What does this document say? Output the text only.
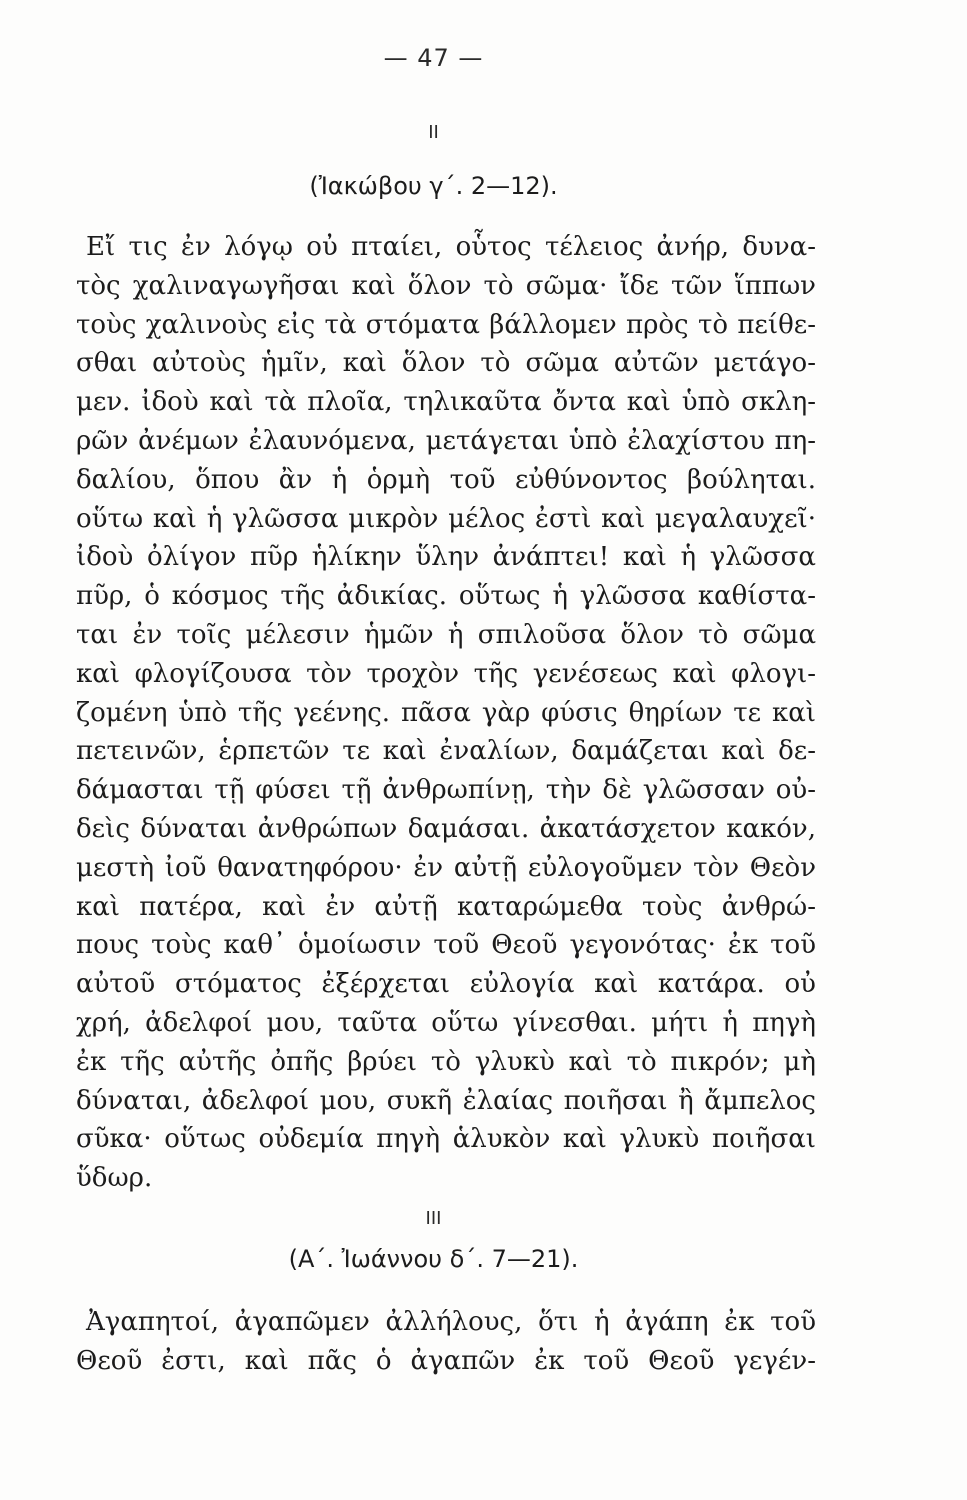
— 47 —
II
(Ἰακώβου γ΄. 2—12).
Εἴ τις ἐν λόγῳ οὐ πταίει, οὗτος τέλειος ἀνήρ, δυνα-
τὸς χαλιναγωγῆσαι καὶ ὅλον τὸ σῶμα· ἴδε τῶν ἵππων
τοὺς χαλινοὺς εἰς τὰ στόματα βάλλομεν πρὸς τὸ πείθε-
σθαι αὐτοὺς ἡμῖν, καὶ ὅλον τὸ σῶμα αὐτῶν μετάγο-
μεν. ἰδοὺ καὶ τὰ πλοῖα, τηλικαῦτα ὄντα καὶ ὑπὸ σκλη-
ρῶν ἀνέμων ἐλαυνόμενα, μετάγεται ὑπὸ ἐλαχίστου πη-
δαλίου, ὅπου ἂν ἡ ὁρμὴ τοῦ εὐθύνοντος βούληται.
οὕτω καὶ ἡ γλῶσσα μικρὸν μέλος ἐστὶ καὶ μεγαλαυχεῖ·
ἰδοὺ ὀλίγον πῦρ ἡλίκην ὕλην ἀνάπτει! καὶ ἡ γλῶσσα
πῦρ, ὁ κόσμος τῆς ἀδικίας. οὕτως ἡ γλῶσσα καθίστα-
ται ἐν τοῖς μέλεσιν ἡμῶν ἡ σπιλοῦσα ὅλον τὸ σῶμα
καὶ φλογίζουσα τὸν τροχὸν τῆς γενέσεως καὶ φλογι-
ζομένη ὑπὸ τῆς γεένης. πᾶσα γὰρ φύσις θηρίων τε καὶ
πετεινῶν, ἑρπετῶν τε καὶ ἐναλίων, δαμάζεται καὶ δε-
δάμασται τῇ φύσει τῇ ἀνθρωπίνῃ, τὴν δὲ γλῶσσαν οὐ-
δεὶς δύναται ἀνθρώπων δαμάσαι. ἀκατάσχετον κακόν,
μεστὴ ἰοῦ θανατηφόρου· ἐν αὐτῇ εὐλογοῦμεν τὸν Θεὸν
καὶ πατέρα, καὶ ἐν αὐτῇ καταρώμεθα τοὺς ἀνθρώ-
πους τοὺς καθ᾿ ὁμοίωσιν τοῦ Θεοῦ γεγονότας· ἐκ τοῦ
αὐτοῦ στόματος ἐξέρχεται εὐλογία καὶ κατάρα. οὐ
χρή, ἀδελφοί μου, ταῦτα οὕτω γίνεσθαι. μήτι ἡ πηγὴ
ἐκ τῆς αὐτῆς ὀπῆς βρύει τὸ γλυκὺ καὶ τὸ πικρόν; μὴ
δύναται, ἀδελφοί μου, συκῆ ἐλαίας ποιῆσαι ἢ ἄμπελος
σῦκα· οὕτως οὐδεμία πηγὴ ἁλυκὸν καὶ γλυκὺ ποιῆσαι
ὕδωρ.
III
(Α΄. Ἰωάννου δ΄. 7—21).
Ἀγαπητοί, ἀγαπῶμεν ἀλλήλους, ὅτι ἡ ἀγάπη ἐκ τοῦ
Θεοῦ ἐστι, καὶ πᾶς ὁ ἀγαπῶν ἐκ τοῦ Θεοῦ γεγέν-
